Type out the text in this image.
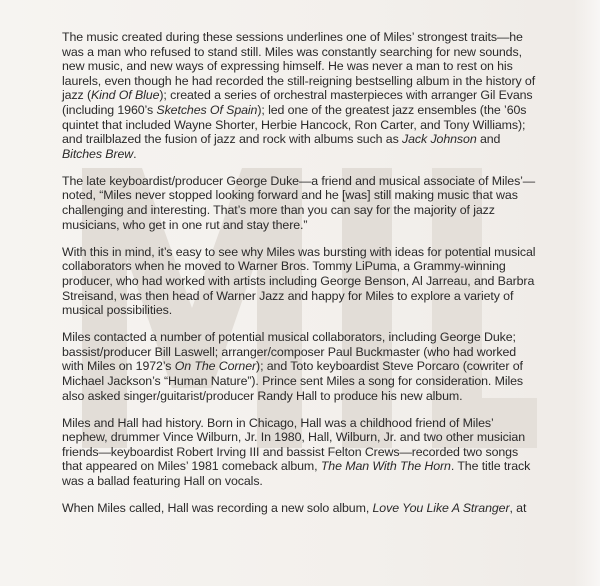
The music created during these sessions underlines one of Miles’ strongest traits—he was a man who refused to stand still. Miles was constantly searching for new sounds, new music, and new ways of expressing himself. He was never a man to rest on his laurels, even though he had recorded the still-reigning bestselling album in the history of jazz (Kind Of Blue); created a series of orchestral masterpieces with arranger Gil Evans (including 1960’s Sketches Of Spain); led one of the greatest jazz ensembles (the ’60s quintet that included Wayne Shorter, Herbie Hancock, Ron Carter, and Tony Williams); and trailblazed the fusion of jazz and rock with albums such as Jack Johnson and Bitches Brew.

The late keyboardist/producer George Duke—a friend and musical associate of Miles’—noted, “Miles never stopped looking forward and he [was] still making music that was challenging and interesting. That’s more than you can say for the majority of jazz musicians, who get in one rut and stay there.”

With this in mind, it’s easy to see why Miles was bursting with ideas for potential musical collaborators when he moved to Warner Bros. Tommy LiPuma, a Grammy-winning producer, who had worked with artists including George Benson, Al Jarreau, and Barbra Streisand, was then head of Warner Jazz and happy for Miles to explore a variety of musical possibilities.

Miles contacted a number of potential musical collaborators, including George Duke; bassist/producer Bill Laswell; arranger/composer Paul Buckmaster (who had worked with Miles on 1972’s On The Corner); and Toto keyboardist Steve Porcaro (cowriter of Michael Jackson’s “Human Nature”). Prince sent Miles a song for consideration. Miles also asked singer/guitarist/producer Randy Hall to produce his new album.

Miles and Hall had history. Born in Chicago, Hall was a childhood friend of Miles’ nephew, drummer Vince Wilburn, Jr. In 1980, Hall, Wilburn, Jr. and two other musician friends—keyboardist Robert Irving III and bassist Felton Crews—recorded two songs that appeared on Miles’ 1981 comeback album, The Man With The Horn. The title track was a ballad featuring Hall on vocals.

When Miles called, Hall was recording a new solo album, Love You Like A Stranger, at
